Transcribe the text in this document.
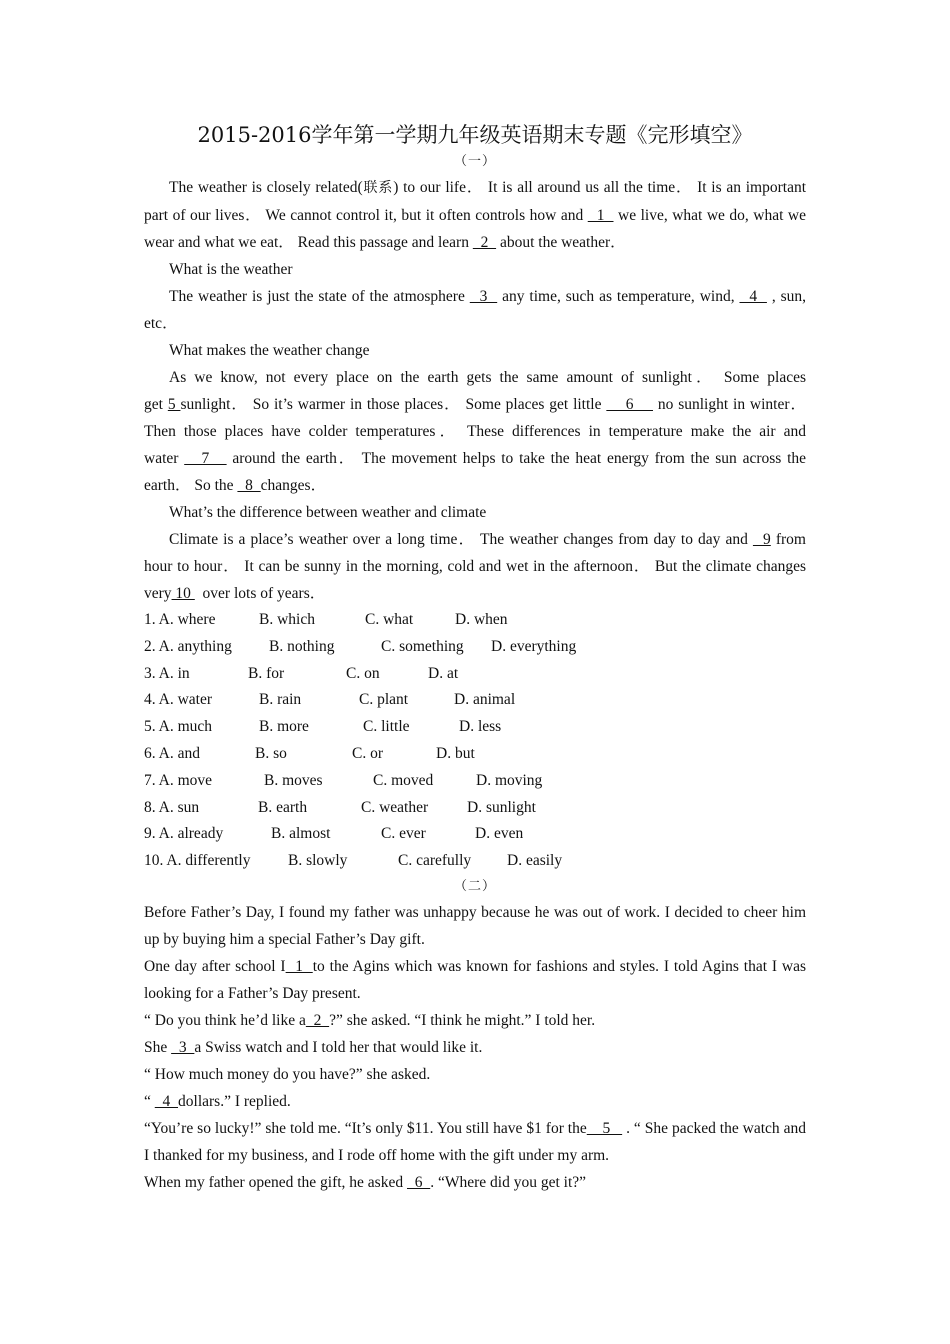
2015-2016学年第一学期九年级英语期末专题《完形填空》
（一）

The weather is closely related(联系) to our life． It is all around us all the time． It is an important part of our lives． We cannot control it, but it often controls how and   1   we live, what we do, what we wear and what we eat． Read this passage and learn   2   about the weather．

What is the weather

The weather is just the state of the atmosphere   3   any time, such as temperature, wind,   4   , sun, etc．

What makes the weather change

As we know, not every place on the earth gets the same amount of sunlight． Some places get 5 sunlight． So it’s warmer in those places． Some places get little     6     no sunlight in winter． Then those places have colder temperatures． These differences in temperature make the air and water    7    around the earth． The movement helps to take the heat energy from the sun across the earth． So the   8  changes．

What’s the difference between weather and climate

Climate is a place’s weather over a long time． The weather changes from day to day and   9 from hour to hour． It can be sunny in the morning, cold and wet in the afternoon． But the climate changes very 10   over lots of years．

1. A. where	B. which	C. what	D. when
2. A. anything	B. nothing	C. something	D. everything
3. A. in	B. for	C. on	D. at
4. A. water	B. rain	C. plant	D. animal
5. A. much	B. more	C. little	D. less
6. A. and	B. so	C. or	D. but
7. A. move	B. moves	C. moved	D. moving
8. A. sun	B. earth	C. weather	D. sunlight
9. A. already	B. almost	C. ever	D. even
10. A. differently	B. slowly	C. carefully	D. easily
（二）

Before Father’s Day, I found my father was unhappy because he was out of work. I decided to cheer him up by buying him a special Father’s Day gift.

One day after school I  1  to the Agins which was known for fashions and styles. I told Agins that I was looking for a Father’s Day present.

“ Do you think he’d like a  2  ?” she asked. “I think he might.” I told her.

She   3  a Swiss watch and I told her that would like it.

“ How much money do you have?” she asked.

“   4  dollars.” I replied.

“You’re so lucky!” she told me. “It’s only $11. You still have $1 for the    5    . “ She packed the watch and I thanked for my business, and I rode off home with the gift under my arm.

When my father opened the gift, he asked   6  . “Where did you get it?”
